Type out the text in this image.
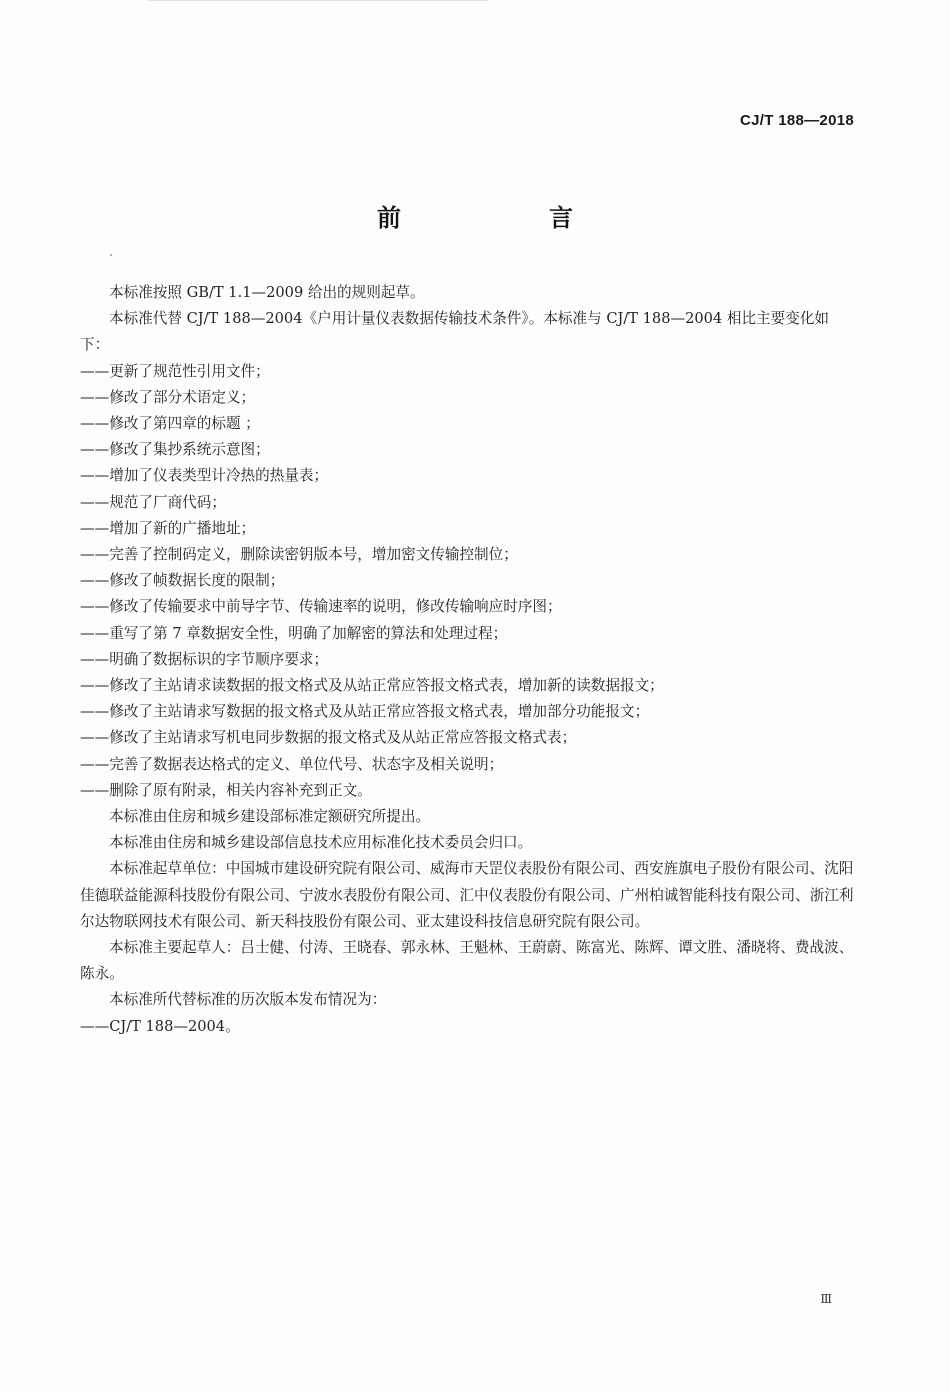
CJ/T 188—2018
前　言

本标准按照 GB/T 1.1—2009 给出的规则起草。

本标准代替 CJ/T 188—2004《户用计量仪表数据传输技术条件》。本标准与 CJ/T 188—2004 相比主要变化如下：

——更新了规范性引用文件；

——修改了部分术语定义；

——修改了第四章的标题 ；

——修改了集抄系统示意图；

——增加了仪表类型计冷热的热量表；

——规范了厂商代码；

——增加了新的广播地址；

——完善了控制码定义，删除读密钥版本号，增加密文传输控制位；

——修改了帧数据长度的限制；

——修改了传输要求中前导字节、传输速率的说明，修改传输响应时序图；

——重写了第 7 章数据安全性，明确了加解密的算法和处理过程；

——明确了数据标识的字节顺序要求；

——修改了主站请求读数据的报文格式及从站正常应答报文格式表，增加新的读数据报文；

——修改了主站请求写数据的报文格式及从站正常应答报文格式表，增加部分功能报文；

——修改了主站请求写机电同步数据的报文格式及从站正常应答报文格式表；

——完善了数据表达格式的定义、单位代号、状态字及相关说明；

——删除了原有附录，相关内容补充到正文。

本标准由住房和城乡建设部标准定额研究所提出。

本标准由住房和城乡建设部信息技术应用标准化技术委员会归口。

本标准起草单位：中国城市建设研究院有限公司、威海市天罡仪表股份有限公司、西安旌旗电子股份有限公司、沈阳佳德联益能源科技股份有限公司、宁波水表股份有限公司、汇中仪表股份有限公司、广州柏诚智能科技有限公司、浙江利尔达物联网技术有限公司、新天科技股份有限公司、亚太建设科技信息研究院有限公司。

本标准主要起草人：吕士健、付涛、王晓春、郭永林、王魁林、王蔚蔚、陈富光、陈辉、谭文胜、潘晓将、费战波、陈永。

本标准所代替标准的历次版本发布情况为：

——CJ/T 188—2004。

Ⅲ
